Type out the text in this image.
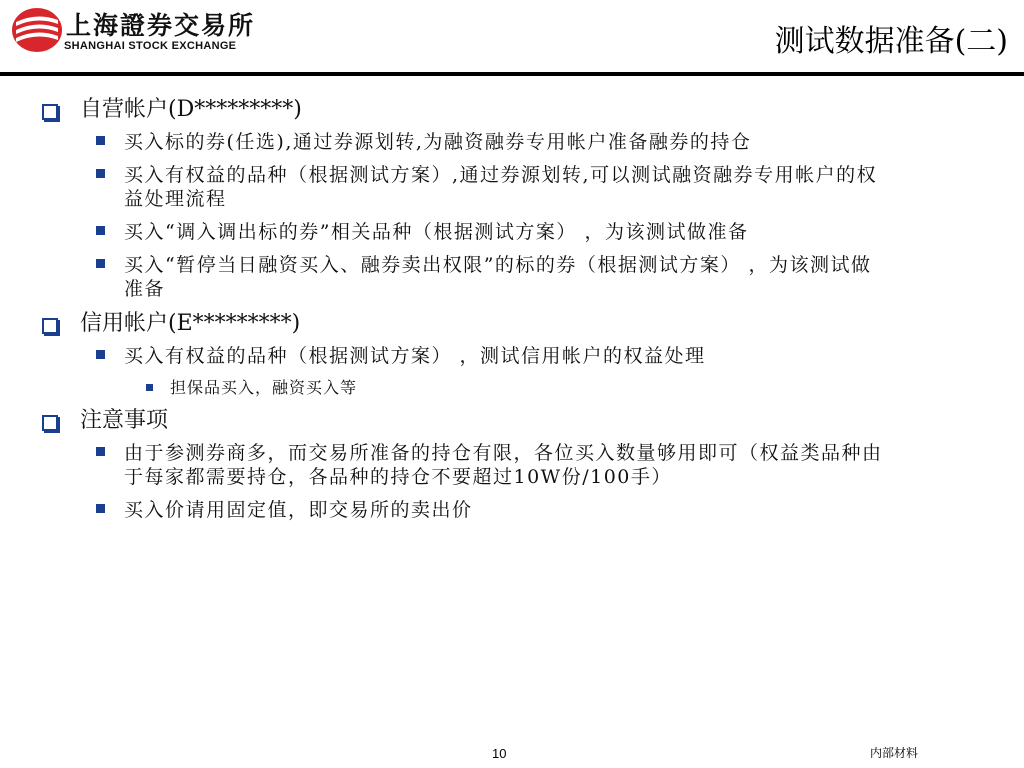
上海證券交易所
SHANGHAI STOCK EXCHANGE	测试数据准备(二)
自营帐户(D*********)
买入标的券(任选),通过券源划转,为融资融券专用帐户准备融券的持仓
买入有权益的品种（根据测试方案）,通过券源划转,可以测试融资融券专用帐户的权益处理流程
买入“调入调出标的券”相关品种（根据测试方案） ，为该测试做准备
买入“暂停当日融资买入、融券卖出权限”的标的券（根据测试方案） ，为该测试做准备
信用帐户(E*********)
买入有权益的品种（根据测试方案） ，测试信用帐户的权益处理
担保品买入，融资买入等
注意事项
由于参测券商多，而交易所准备的持仓有限，各位买入数量够用即可（权益类品种由于每家都需要持仓，各品种的持仓不要超过10W份/100手）
买入价请用固定值，即交易所的卖出价
10	内部材料
